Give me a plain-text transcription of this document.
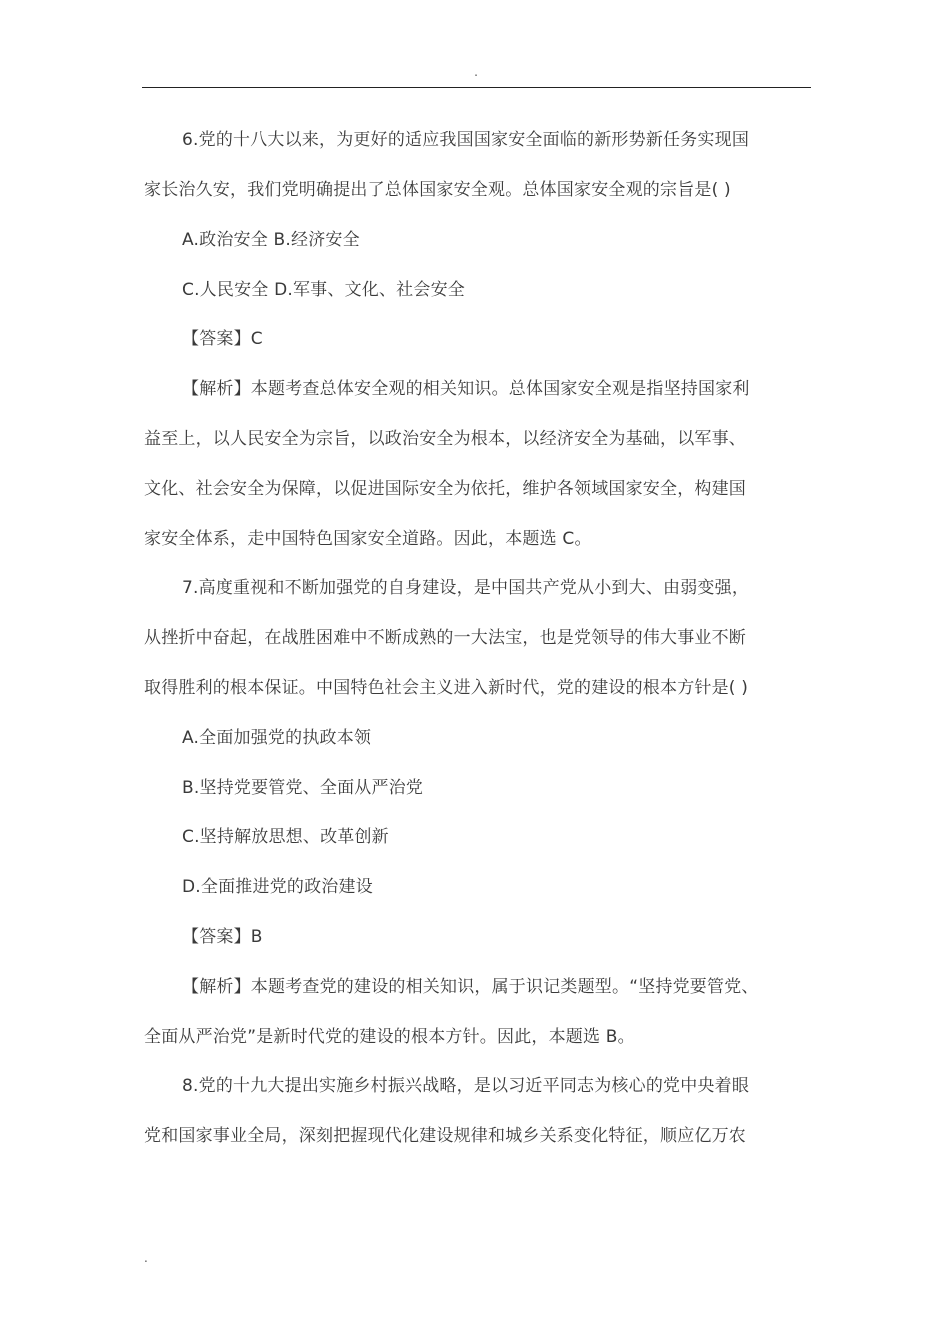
.
6.党的十八大以来，为更好的适应我国国家安全面临的新形势新任务实现国
家长治久安，我们党明确提出了总体国家安全观。总体国家安全观的宗旨是( )
A.政治安全 B.经济安全
C.人民安全 D.军事、文化、社会安全
【答案】C
【解析】本题考查总体安全观的相关知识。总体国家安全观是指坚持国家利
益至上，以人民安全为宗旨，以政治安全为根本，以经济安全为基础，以军事、
文化、社会安全为保障，以促进国际安全为依托，维护各领域国家安全，构建国
家安全体系，走中国特色国家安全道路。因此，本题选 C。
7.高度重视和不断加强党的自身建设，是中国共产党从小到大、由弱变强，
从挫折中奋起，在战胜困难中不断成熟的一大法宝，也是党领导的伟大事业不断
取得胜利的根本保证。中国特色社会主义进入新时代，党的建设的根本方针是( )
A.全面加强党的执政本领
B.坚持党要管党、全面从严治党
C.坚持解放思想、改革创新
D.全面推进党的政治建设
【答案】B
【解析】本题考查党的建设的相关知识，属于识记类题型。“坚持党要管党、
全面从严治党”是新时代党的建设的根本方针。因此，本题选 B。
8.党的十九大提出实施乡村振兴战略，是以习近平同志为核心的党中央着眼
党和国家事业全局，深刻把握现代化建设规律和城乡关系变化特征，顺应亿万农
.
